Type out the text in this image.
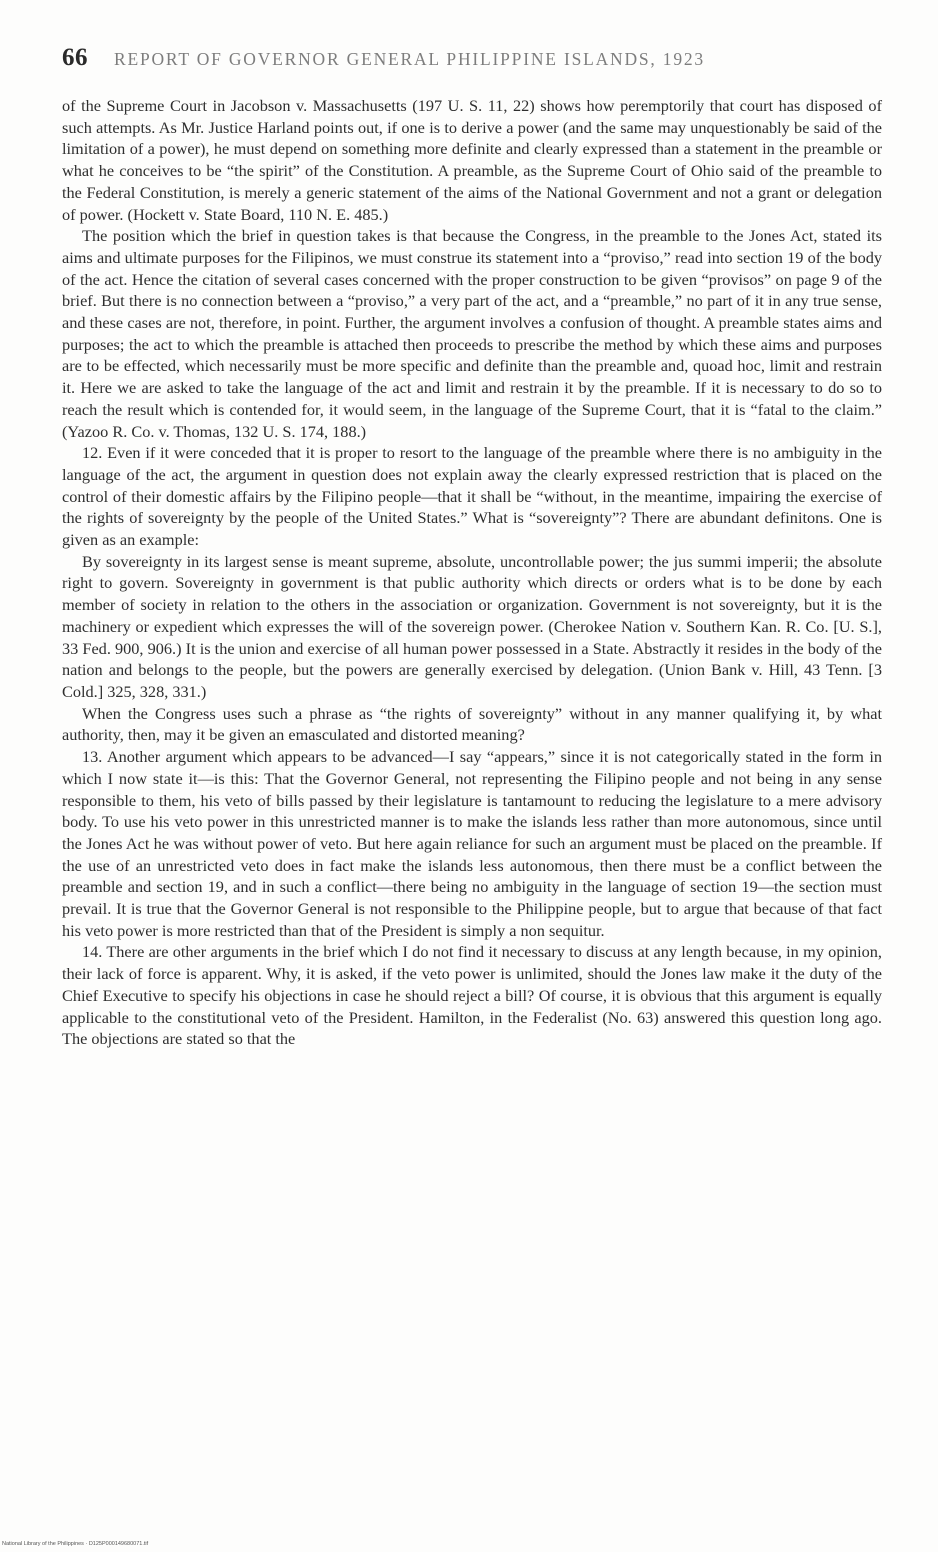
66 REPORT OF GOVERNOR GENERAL PHILIPPINE ISLANDS, 1923

of the Supreme Court in Jacobson v. Massachusetts (197 U. S. 11, 22) shows how peremptorily that court has disposed of such attempts. As Mr. Justice Harland points out, if one is to derive a power (and the same may unquestionably be said of the limitation of a power), he must depend on something more definite and clearly expressed than a statement in the preamble or what he conceives to be “the spirit” of the Constitution. A preamble, as the Supreme Court of Ohio said of the preamble to the Federal Constitution, is merely a generic statement of the aims of the National Government and not a grant or delegation of power. (Hockett v. State Board, 110 N. E. 485.)

The position which the brief in question takes is that because the Congress, in the preamble to the Jones Act, stated its aims and ultimate purposes for the Filipinos, we must construe its statement into a “proviso,” read into section 19 of the body of the act. Hence the citation of several cases concerned with the proper construction to be given “provisos” on page 9 of the brief. But there is no connection between a “proviso,” a very part of the act, and a “preamble,” no part of it in any true sense, and these cases are not, therefore, in point. Further, the argument involves a confusion of thought. A preamble states aims and purposes; the act to which the preamble is attached then proceeds to prescribe the method by which these aims and purposes are to be effected, which necessarily must be more specific and definite than the preamble and, quoad hoc, limit and restrain it. Here we are asked to take the language of the act and limit and restrain it by the preamble. If it is necessary to do so to reach the result which is contended for, it would seem, in the language of the Supreme Court, that it is “fatal to the claim.” (Yazoo R. Co. v. Thomas, 132 U. S. 174, 188.)

12. Even if it were conceded that it is proper to resort to the language of the preamble where there is no ambiguity in the language of the act, the argument in question does not explain away the clearly expressed restriction that is placed on the control of their domestic affairs by the Filipino people—that it shall be “without, in the meantime, impairing the exercise of the rights of sovereignty by the people of the United States.” What is “sovereignty”? There are abundant definitons. One is given as an example:

By sovereignty in its largest sense is meant supreme, absolute, uncontrollable power; the jus summi imperii; the absolute right to govern. Sovereignty in government is that public authority which directs or orders what is to be done by each member of society in relation to the others in the association or organization. Government is not sovereignty, but it is the machinery or expedient which expresses the will of the sovereign power. (Cherokee Nation v. Southern Kan. R. Co. [U. S.], 33 Fed. 900, 906.) It is the union and exercise of all human power possessed in a State. Abstractly it resides in the body of the nation and belongs to the people, but the powers are generally exercised by delegation. (Union Bank v. Hill, 43 Tenn. [3 Cold.] 325, 328, 331.)

When the Congress uses such a phrase as “the rights of sovereignty” without in any manner qualifying it, by what authority, then, may it be given an emasculated and distorted meaning?

13. Another argument which appears to be advanced—I say “appears,” since it is not categorically stated in the form in which I now state it—is this: That the Governor General, not representing the Filipino people and not being in any sense responsible to them, his veto of bills passed by their legislature is tantamount to reducing the legislature to a mere advisory body. To use his veto power in this unrestricted manner is to make the islands less rather than more autonomous, since until the Jones Act he was without power of veto. But here again reliance for such an argument must be placed on the preamble. If the use of an unrestricted veto does in fact make the islands less autonomous, then there must be a conflict between the preamble and section 19, and in such a conflict—there being no ambiguity in the language of section 19—the section must prevail. It is true that the Governor General is not responsible to the Philippine people, but to argue that because of that fact his veto power is more restricted than that of the President is simply a non sequitur.

14. There are other arguments in the brief which I do not find it necessary to discuss at any length because, in my opinion, their lack of force is apparent. Why, it is asked, if the veto power is unlimited, should the Jones law make it the duty of the Chief Executive to specify his objections in case he should reject a bill? Of course, it is obvious that this argument is equally applicable to the constitutional veto of the President. Hamilton, in the Federalist (No. 63) answered this question long ago. The objections are stated so that the

National Library of the Philippines · D125P000149680071.tif
